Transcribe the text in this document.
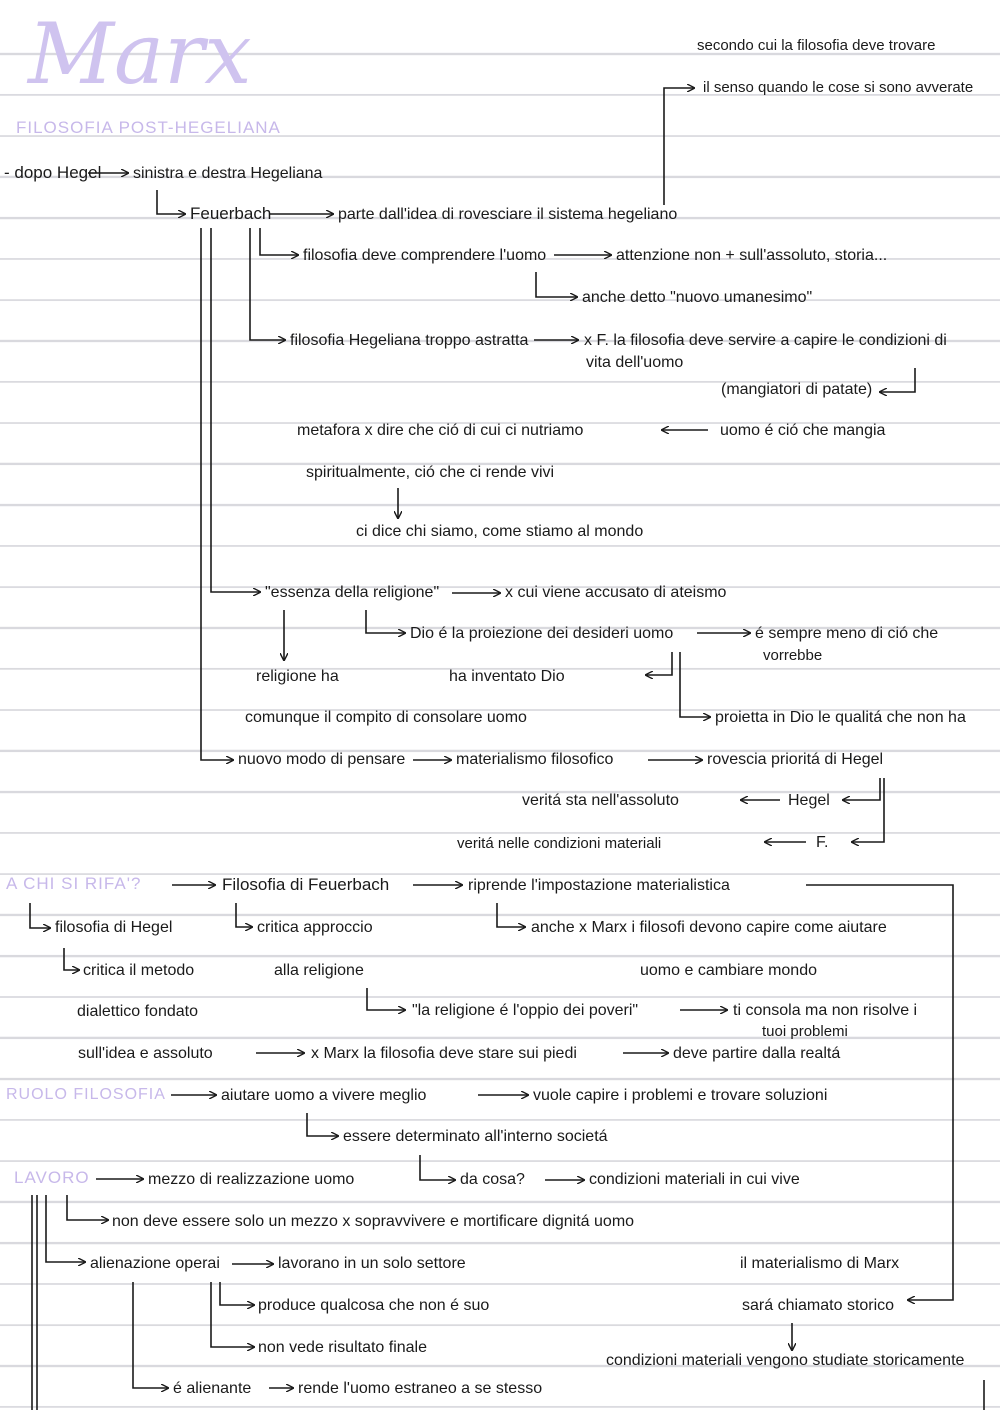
Marx	secondo cui la filosofia deve trovare
il senso quando le cose si sono avverate
FILOSOFIA POST-HEGELIANA
- dopo Hegel sinistra e destra Hegeliana
Feuerbach	parte dall'idea di rovesciare il sistema hegeliano
filosofia deve comprendere l'uomo	attenzione non + sull'assoluto, storia...
anche detto "nuovo umanesimo"
filosofia Hegeliana troppo astratta	x F. la filosofia deve servire a capire le condizioni di
vita dell'uomo
(mangiatori di patate)
metafora x dire che ció di cui ci nutriamo	uomo é ció che mangia
spiritualmente, ció che ci rende vivi
ci dice chi siamo, come stiamo al mondo
"essenza della religione"	x cui viene accusato di ateismo
Dio é la proiezione dei desideri uomo	é sempre meno di ció che
vorrebbe
religione ha	ha inventato Dio
comunque il compito di consolare uomo	proietta in Dio le qualitá che non ha
nuovo modo di pensare	materialismo filosofico	rovescia prioritá di Hegel
veritá sta nell'assoluto	Hegel
veritá nelle condizioni materiali	F.
A CHI SI RIFA'?	Filosofia di Feuerbach	riprende l'impostazione materialistica
filosofia di Hegel	critica approccio	anche x Marx i filosofi devono capire come aiutare
critica il metodo	alla religione	uomo e cambiare mondo
dialettico fondato	"la religione é l'oppio dei poveri"	ti consola ma non risolve i
tuoi problemi
sull'idea e assoluto	x Marx la filosofia deve stare sui piedi	deve partire dalla realtá
RUOLO FILOSOFIA	aiutare uomo a vivere meglio	vuole capire i problemi e trovare soluzioni
essere determinato all'interno societá
LAVORO	mezzo di realizzazione uomo	da cosa?	condizioni materiali in cui vive
non deve essere solo un mezzo x sopravvivere e mortificare dignitá uomo
alienazione operai	lavorano in un solo settore	il materialismo di Marx
produce qualcosa che non é suo	sará chiamato storico
non vede risultato finale
condizioni materiali vengono studiate storicamente
é alienante	rende l'uomo estraneo a se stesso
